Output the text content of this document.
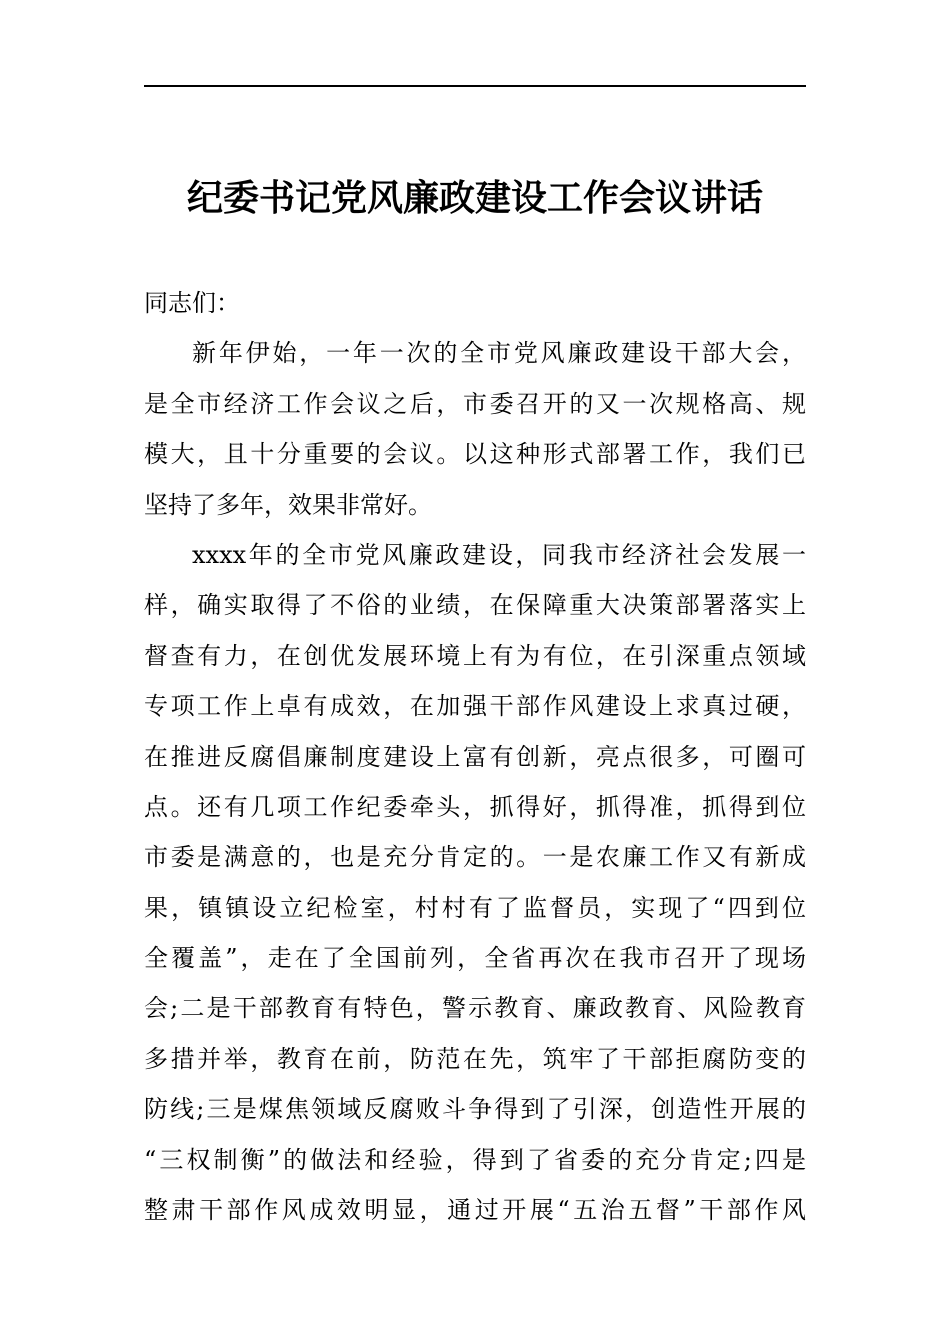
纪委书记党风廉政建设工作会议讲话
同志们：
新年伊始，一年一次的全市党风廉政建设干部大会，
是全市经济工作会议之后，市委召开的又一次规格高、规
模大，且十分重要的会议。以这种形式部署工作，我们已
坚持了多年，效果非常好。
xxxx年的全市党风廉政建设，同我市经济社会发展一
样，确实取得了不俗的业绩，在保障重大决策部署落实上
督查有力，在创优发展环境上有为有位，在引深重点领域
专项工作上卓有成效，在加强干部作风建设上求真过硬，
在推进反腐倡廉制度建设上富有创新，亮点很多，可圈可
点。还有几项工作纪委牵头，抓得好，抓得准，抓得到位
市委是满意的，也是充分肯定的。一是农廉工作又有新成
果，镇镇设立纪检室，村村有了监督员，实现了“四到位
全覆盖”，走在了全国前列，全省再次在我市召开了现场
会;二是干部教育有特色，警示教育、廉政教育、风险教育
多措并举，教育在前，防范在先，筑牢了干部拒腐防变的
防线;三是煤焦领域反腐败斗争得到了引深，创造性开展的
“三权制衡”的做法和经验，得到了省委的充分肯定;四是
整肃干部作风成效明显，通过开展“五治五督”干部作风
